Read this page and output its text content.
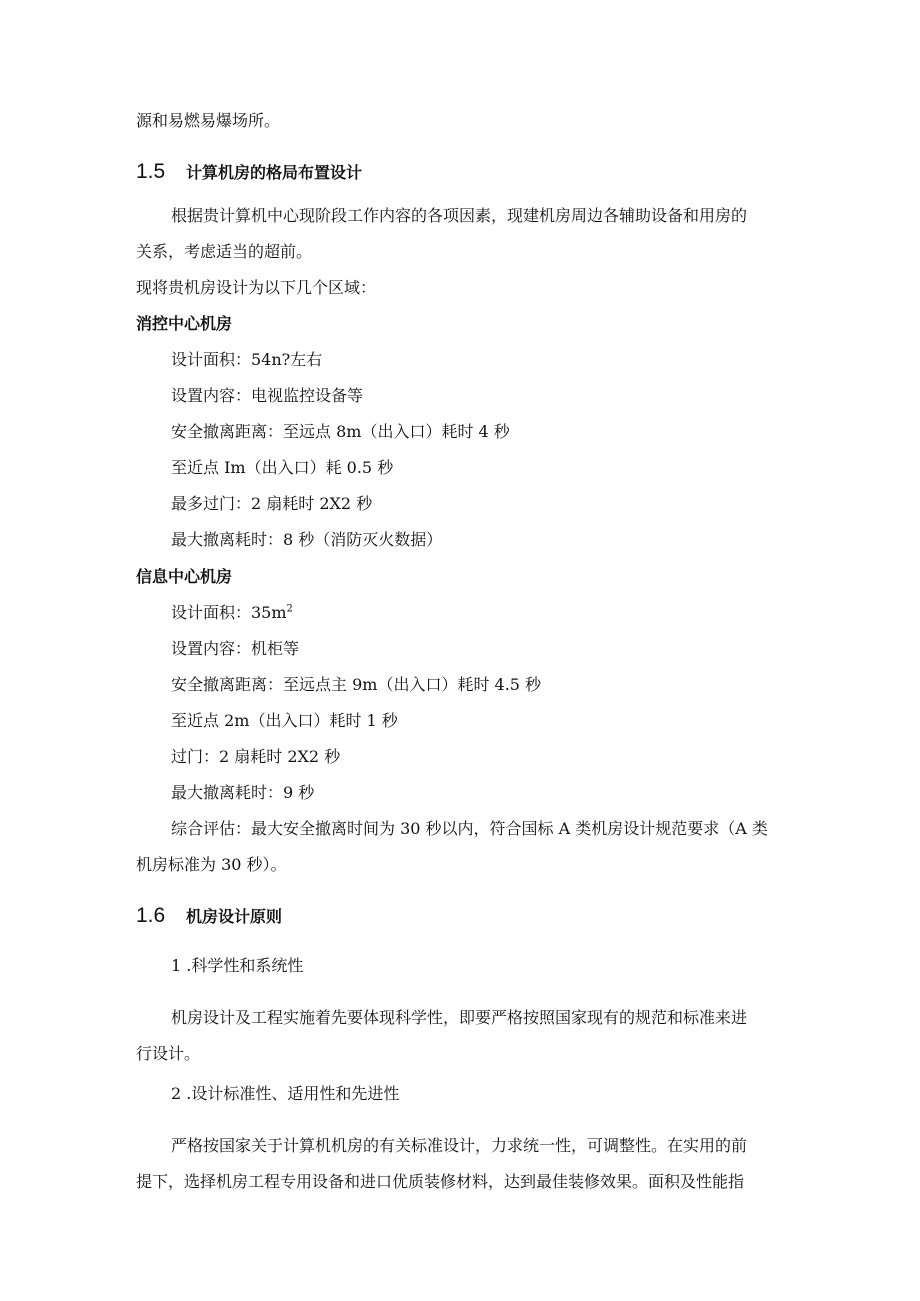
源和易燃易爆场所。
1.5 计算机房的格局布置设计
根据贵计算机中心现阶段工作内容的各项因素，现建机房周边各辅助设备和用房的
关系，考虑适当的超前。
现将贵机房设计为以下几个区域：
消控中心机房
设计面积：54n?左右
设置内容：电视监控设备等
安全撤离距离：至远点 8m（出入口）耗时 4 秒
至近点 Im（出入口）耗 0.5 秒
最多过门：2 扇耗时 2X2 秒
最大撤离耗时：8 秒（消防灭火数据）
信息中心机房
设计面积：$35m^2$
设置内容：机柜等
安全撤离距离：至远点主 9m（出入口）耗时 4.5 秒
至近点 2m（出入口）耗时 1 秒
过门：2 扇耗时 2X2 秒
最大撤离耗时：9 秒
综合评估：最大安全撤离时间为 30 秒以内，符合国标 A 类机房设计规范要求（A 类
机房标准为 30 秒）。
1.6 机房设计原则
1 .科学性和系统性
机房设计及工程实施着先要体现科学性，即要严格按照国家现有的规范和标准来进
行设计。
2 .设计标准性、适用性和先进性
严格按国家关于计算机机房的有关标准设计，力求统一性，可调整性。在实用的前
提下，选择机房工程专用设备和进口优质装修材料，达到最佳装修效果。面积及性能指
